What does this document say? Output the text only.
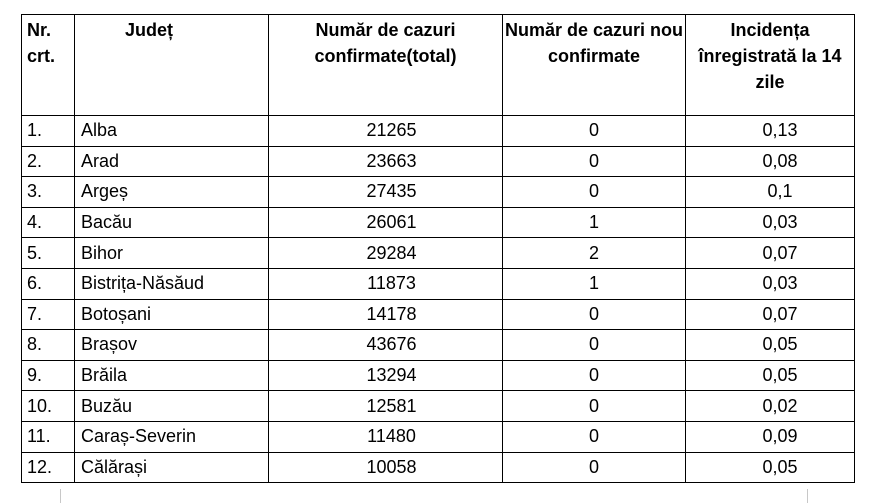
Nr. crt.	Județ	Număr de cazuri confirmate(total)	Număr de cazuri nou confirmate	Incidența înregistrată la 14 zile
1.	Alba	21265	0	0,13
2.	Arad	23663	0	0,08
3.	Argeș	27435	0	0,1
4.	Bacău	26061	1	0,03
5.	Bihor	29284	2	0,07
6.	Bistrița-Năsăud	11873	1	0,03
7.	Botoșani	14178	0	0,07
8.	Brașov	43676	0	0,05
9.	Brăila	13294	0	0,05
10.	Buzău	12581	0	0,02
11.	Caraș-Severin	11480	0	0,09
12.	Călărași	10058	0	0,05
